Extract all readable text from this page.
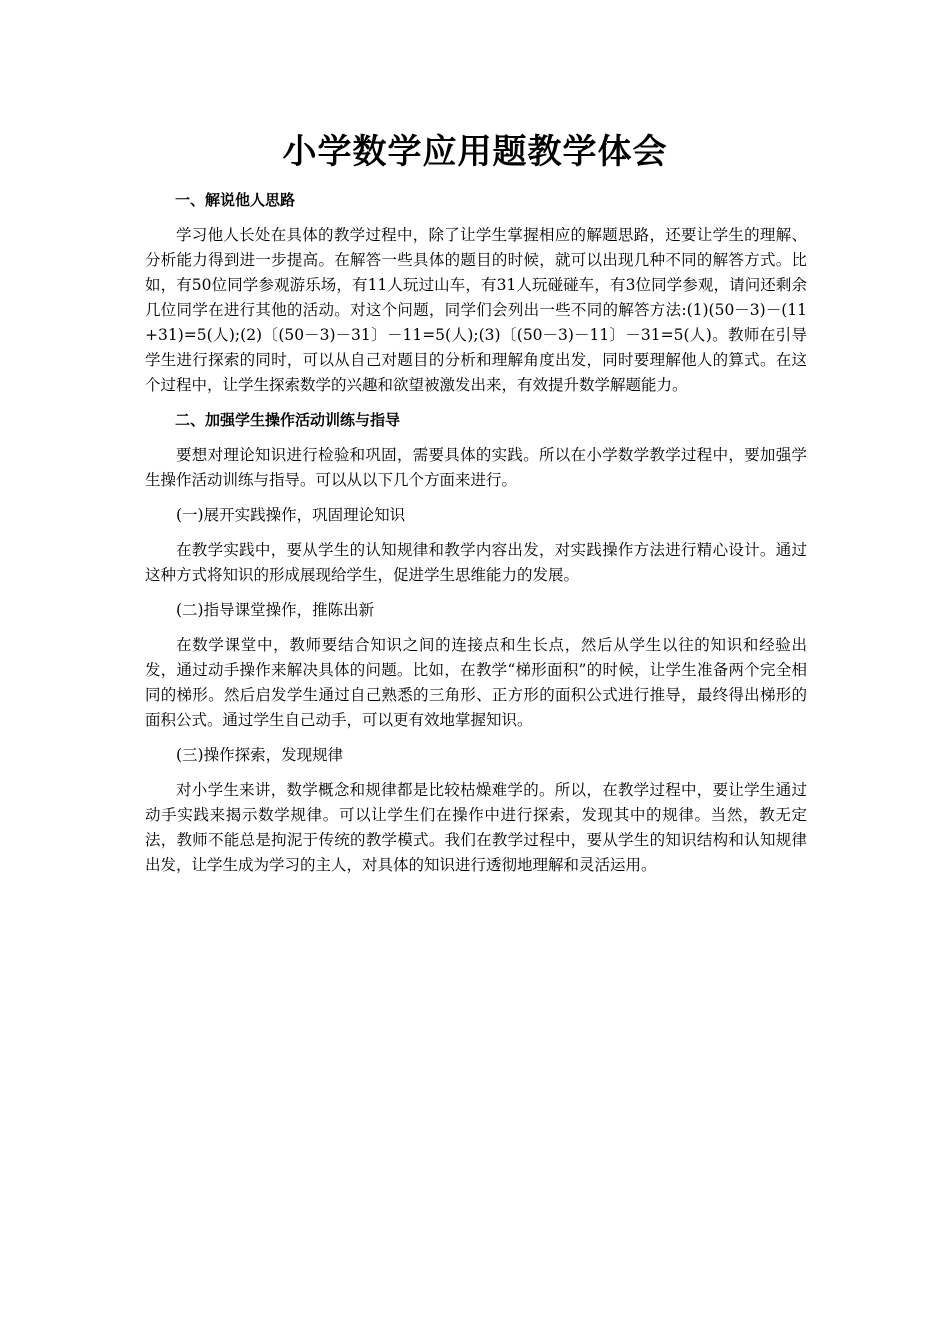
小学数学应用题教学体会

一、解说他人思路

学习他人长处在具体的教学过程中，除了让学生掌握相应的解题思路，还要让学生的理解、分析能力得到进一步提高。在解答一些具体的题目的时候，就可以出现几种不同的解答方式。比如，有50位同学参观游乐场，有11人玩过山车，有31人玩碰碰车，有3位同学参观，请问还剩余几位同学在进行其他的活动。对这个问题，同学们会列出一些不同的解答方法:(1)(50－3)－(11+31)=5(人);(2)〔(50－3)－31〕－11=5(人);(3)〔(50－3)－11〕－31=5(人)。教师在引导学生进行探索的同时，可以从自己对题目的分析和理解角度出发，同时要理解他人的算式。在这个过程中，让学生探索数学的兴趣和欲望被激发出来，有效提升数学解题能力。

二、加强学生操作活动训练与指导

要想对理论知识进行检验和巩固，需要具体的实践。所以在小学数学教学过程中，要加强学生操作活动训练与指导。可以从以下几个方面来进行。

(一)展开实践操作，巩固理论知识

在教学实践中，要从学生的认知规律和教学内容出发，对实践操作方法进行精心设计。通过这种方式将知识的形成展现给学生，促进学生思维能力的发展。

(二)指导课堂操作，推陈出新

在数学课堂中，教师要结合知识之间的连接点和生长点，然后从学生以往的知识和经验出发，通过动手操作来解决具体的问题。比如，在教学“梯形面积”的时候，让学生准备两个完全相同的梯形。然后启发学生通过自己熟悉的三角形、正方形的面积公式进行推导，最终得出梯形的面积公式。通过学生自己动手，可以更有效地掌握知识。

(三)操作探索，发现规律

对小学生来讲，数学概念和规律都是比较枯燥难学的。所以，在教学过程中，要让学生通过动手实践来揭示数学规律。可以让学生们在操作中进行探索，发现其中的规律。当然，教无定法，教师不能总是拘泥于传统的教学模式。我们在教学过程中，要从学生的知识结构和认知规律出发，让学生成为学习的主人，对具体的知识进行透彻地理解和灵活运用。
